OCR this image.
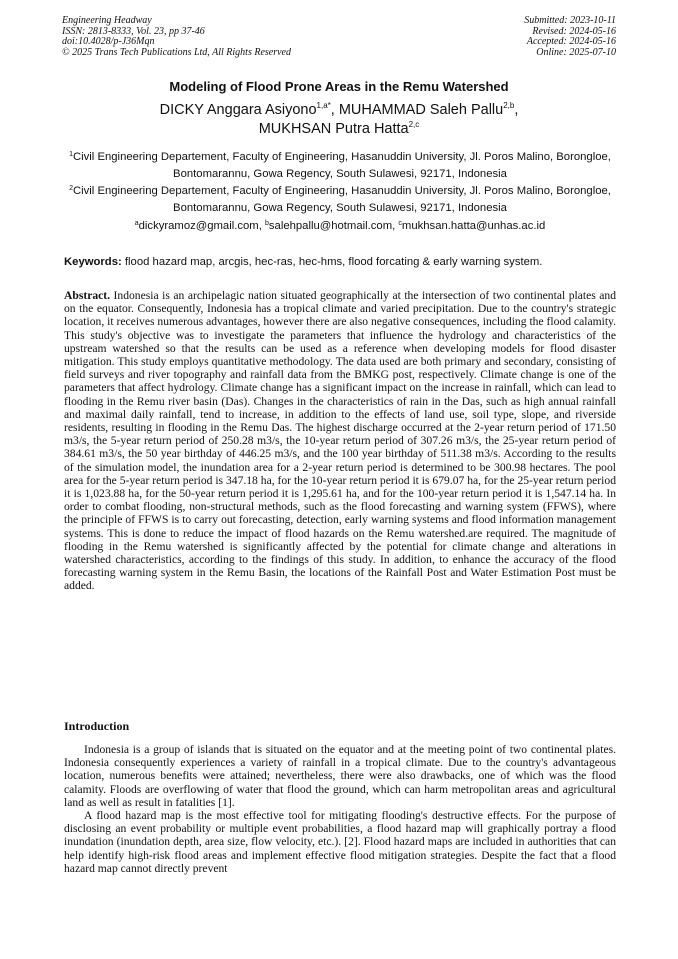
Engineering Headway
ISSN: 2813-8333, Vol. 23, pp 37-46
doi:10.4028/p-J36Mqn
© 2025 Trans Tech Publications Ltd, All Rights Reserved
Submitted: 2023-10-11
Revised: 2024-05-16
Accepted: 2024-05-16
Online: 2025-07-10
Modeling of Flood Prone Areas in the Remu Watershed
DICKY Anggara Asiyono$^{1,a*}$, MUHAMMAD Saleh Pallu$^{2,b}$,
MUKHSAN Putra Hatta$^{2,c}$
$^1$Civil Engineering Departement, Faculty of Engineering, Hasanuddin University, Jl. Poros Malino, Borongloe, Bontomarannu, Gowa Regency, South Sulawesi, 92171, Indonesia
$^2$Civil Engineering Departement, Faculty of Engineering, Hasanuddin University, Jl. Poros Malino, Borongloe, Bontomarannu, Gowa Regency, South Sulawesi, 92171, Indonesia
$^a$dickyramoz@gmail.com, $^b$salehpallu@hotmail.com, $^c$mukhsan.hatta@unhas.ac.id
Keywords: flood hazard map, arcgis, hec-ras, hec-hms, flood forcating & early warning system.
Abstract. Indonesia is an archipelagic nation situated geographically at the intersection of two continental plates and on the equator. Consequently, Indonesia has a tropical climate and varied precipitation. Due to the country's strategic location, it receives numerous advantages, however there are also negative consequences, including the flood calamity. This study's objective was to investigate the parameters that influence the hydrology and characteristics of the upstream watershed so that the results can be used as a reference when developing models for flood disaster mitigation. This study employs quantitative methodology. The data used are both primary and secondary, consisting of field surveys and river topography and rainfall data from the BMKG post, respectively. Climate change is one of the parameters that affect hydrology. Climate change has a significant impact on the increase in rainfall, which can lead to flooding in the Remu river basin (Das). Changes in the characteristics of rain in the Das, such as high annual rainfall and maximal daily rainfall, tend to increase, in addition to the effects of land use, soil type, slope, and riverside residents, resulting in flooding in the Remu Das. The highest discharge occurred at the 2-year return period of 171.50 m3/s, the 5-year return period of 250.28 m3/s, the 10-year return period of 307.26 m3/s, the 25-year return period of 384.61 m3/s, the 50 year birthday of 446.25 m3/s, and the 100 year birthday of 511.38 m3/s. According to the results of the simulation model, the inundation area for a 2-year return period is determined to be 300.98 hectares. The pool area for the 5-year return period is 347.18 ha, for the 10-year return period it is 679.07 ha, for the 25-year return period it is 1,023.88 ha, for the 50-year return period it is 1,295.61 ha, and for the 100-year return period it is 1,547.14 ha. In order to combat flooding, non-structural methods, such as the flood forecasting and warning system (FFWS), where the principle of FFWS is to carry out forecasting, detection, early warning systems and flood information management systems. This is done to reduce the impact of flood hazards on the Remu watershed.are required. The magnitude of flooding in the Remu watershed is significantly affected by the potential for climate change and alterations in watershed characteristics, according to the findings of this study. In addition, to enhance the accuracy of the flood forecasting warning system in the Remu Basin, the locations of the Rainfall Post and Water Estimation Post must be added.
Introduction

Indonesia is a group of islands that is situated on the equator and at the meeting point of two continental plates. Indonesia consequently experiences a variety of rainfall in a tropical climate. Due to the country's advantageous location, numerous benefits were attained; nevertheless, there were also drawbacks, one of which was the flood calamity. Floods are overflowing of water that flood the ground, which can harm metropolitan areas and agricultural land as well as result in fatalities [1].

A flood hazard map is the most effective tool for mitigating flooding's destructive effects. For the purpose of disclosing an event probability or multiple event probabilities, a flood hazard map will graphically portray a flood inundation (inundation depth, area size, flow velocity, etc.). [2]. Flood hazard maps are included in authorities that can help identify high-risk flood areas and implement effective flood mitigation strategies. Despite the fact that a flood hazard map cannot directly prevent
